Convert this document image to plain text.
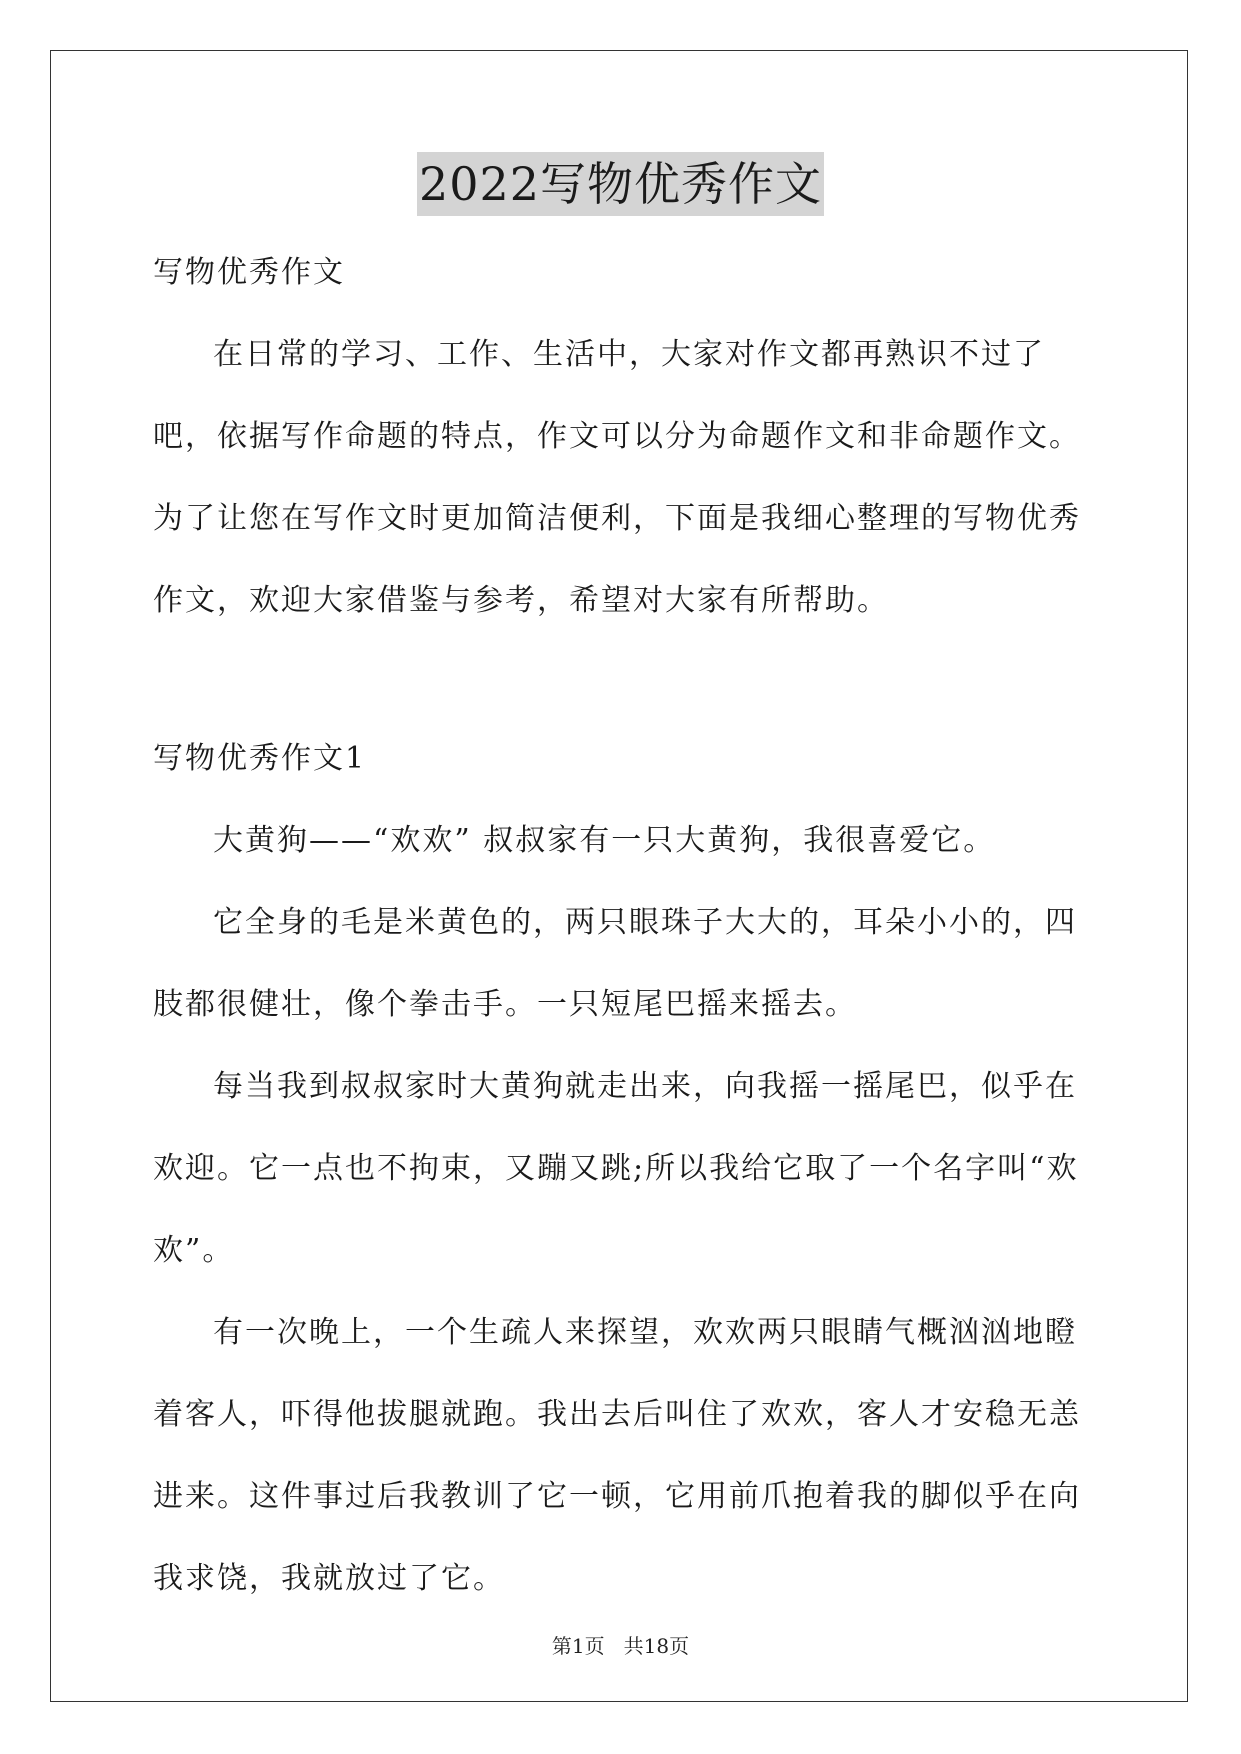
2022写物优秀作文

写物优秀作文

在日常的学习、工作、生活中，大家对作文都再熟识不过了吧，依据写作命题的特点，作文可以分为命题作文和非命题作文。为了让您在写作文时更加简洁便利，下面是我细心整理的写物优秀作文，欢迎大家借鉴与参考，希望对大家有所帮助。

写物优秀作文1

大黄狗——“欢欢” 叔叔家有一只大黄狗，我很喜爱它。

它全身的毛是米黄色的，两只眼珠子大大的，耳朵小小的，四肢都很健壮，像个拳击手。一只短尾巴摇来摇去。

每当我到叔叔家时大黄狗就走出来，向我摇一摇尾巴，似乎在欢迎。它一点也不拘束，又蹦又跳;所以我给它取了一个名字叫“欢欢”。

有一次晚上，一个生疏人来探望，欢欢两只眼睛气概汹汹地瞪着客人，吓得他拔腿就跑。我出去后叫住了欢欢，客人才安稳无恙进来。这件事过后我教训了它一顿，它用前爪抱着我的脚似乎在向我求饶，我就放过了它。

第1页   共18页
